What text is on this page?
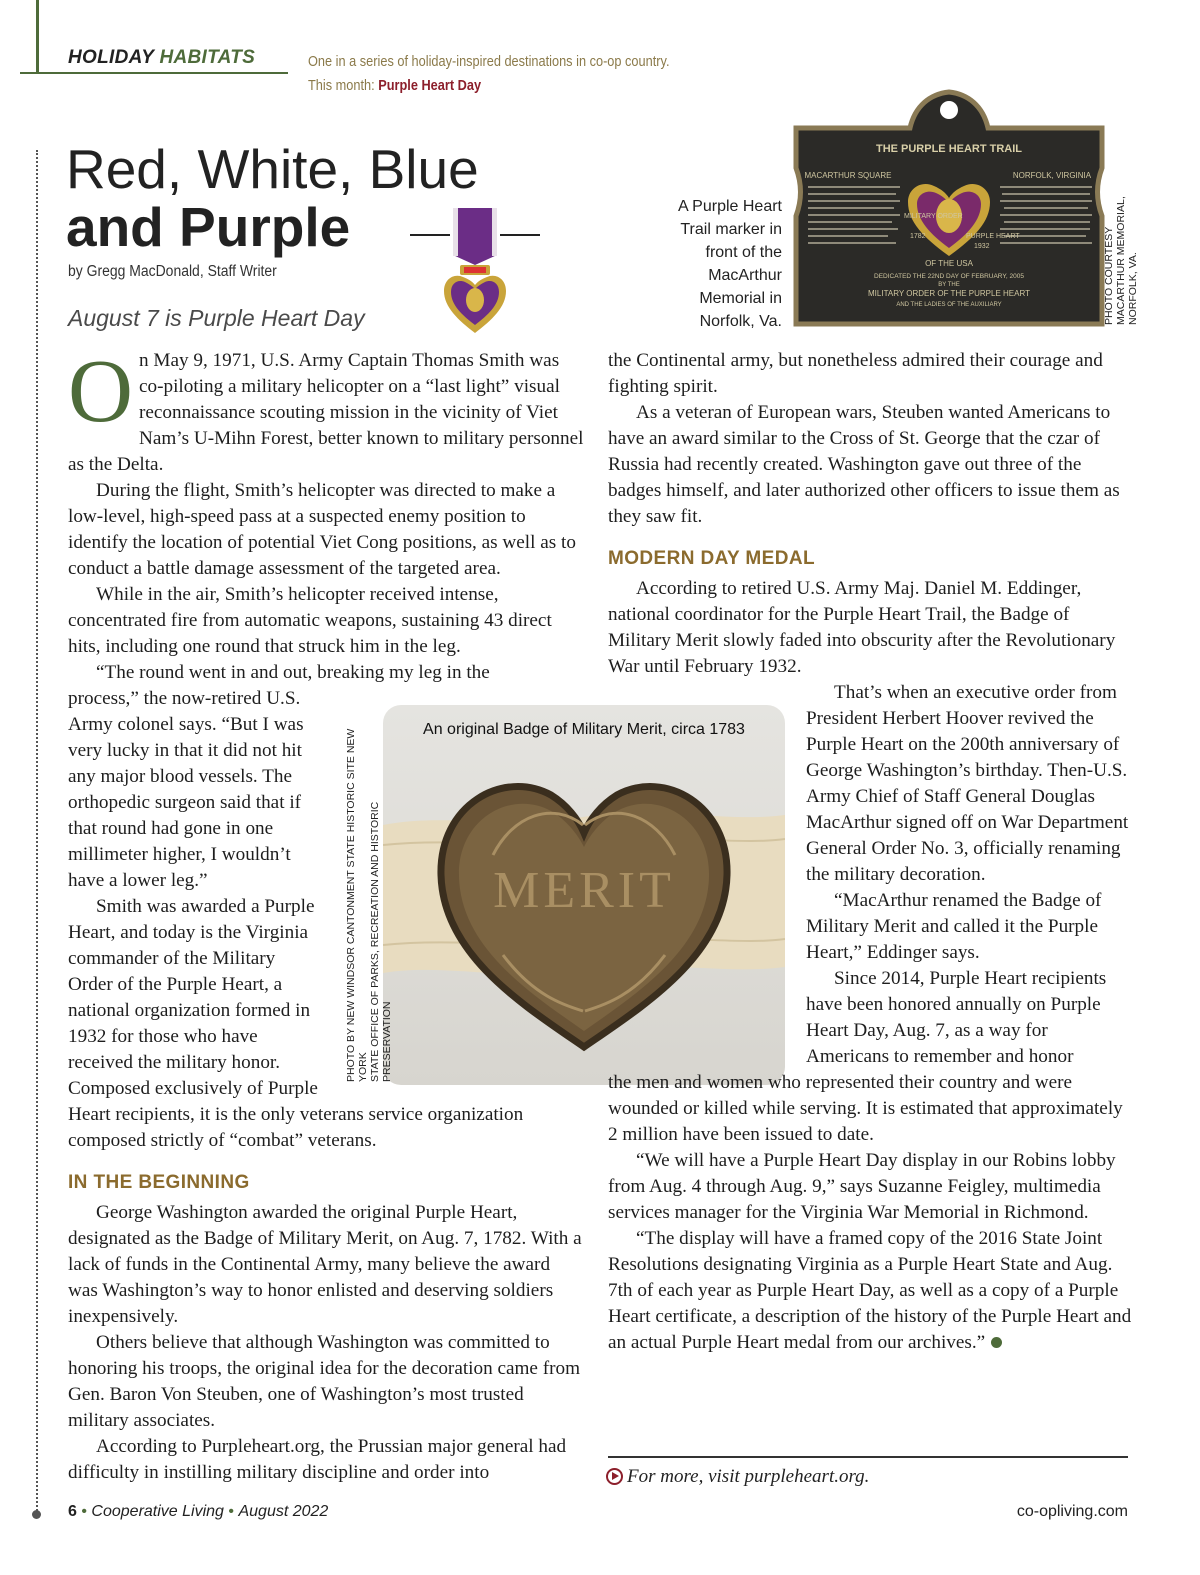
HOLIDAY HABITATS	One in a series of holiday-inspired destinations in co-op country.
This month: Purple Heart Day
Red, White, Blue
and Purple
by Gregg MacDonald, Staff Writer
August 7 is Purple Heart Day
THE PURPLE HEART TRAIL
MACARTHUR SQUARE	NORFOLK, VIRGINIA
MILITARY ORDER
PURPLE HEART
1782
1932
OF THE USA
DEDICATED THE 22ND DAY OF FEBRUARY, 2005
BY THE
MILITARY ORDER OF THE PURPLE HEART
AND THE LADIES OF THE AUXILIARY
A Purple Heart Trail marker in front of the MacArthur Memorial in Norfolk, Va.	PHOTO COURTESY MACARTHUR MEMORIAL, NORFOLK, VA.
MERIT
An original Badge of Military Merit, circa 1783
PHOTO BY NEW WINDSOR CANTONMENT STATE HISTORIC SITE NEW YORK STATE OFFICE OF PARKS, RECREATION AND HISTORIC PRESERVATION

On May 9, 1971, U.S. Army Captain Thomas Smith was co-piloting a military helicopter on a “last light” visual reconnaissance scouting mission in the vicinity of Viet Nam’s U-Mihn Forest, better known to military personnel as the Delta.

During the flight, Smith’s helicopter was directed to make a low-level, high-speed pass at a suspected enemy position to identify the location of potential Viet Cong positions, as well as to conduct a battle damage assessment of the targeted area.

While in the air, Smith’s helicopter received intense, concentrated fire from automatic weapons, sustaining 43 direct hits, including one round that struck him in the leg.

“The round went in and out, breaking my leg in the

process,” the now-retired U.S. Army colonel says. “But I was very lucky in that it did not hit any major blood vessels. The orthopedic surgeon said that if that round had gone in one millimeter higher, I wouldn’t have a lower leg.”

Smith was awarded a Purple Heart, and today is the Virginia commander of the Military Order of the Purple Heart, a national organization formed in 1932 for those who have received the military honor. Composed exclusively of Purple

Heart recipients, it is the only veterans service organization composed strictly of “combat” veterans.

IN THE BEGINNING

George Washington awarded the original Purple Heart, designated as the Badge of Military Merit, on Aug. 7, 1782. With a lack of funds in the Continental Army, many believe the award was Washington’s way to honor enlisted and deserving soldiers inexpensively.

Others believe that although Washington was committed to honoring his troops, the original idea for the decoration came from Gen. Baron Von Steuben, one of Washington’s most trusted military associates.

According to Purpleheart.org, the Prussian major general had difficulty in instilling military discipline and order into

the Continental army, but nonetheless admired their courage and fighting spirit.

As a veteran of European wars, Steuben wanted Americans to have an award similar to the Cross of St. George that the czar of Russia had recently created. Washington gave out three of the badges himself, and later authorized other officers to issue them as they saw fit.

MODERN DAY MEDAL

According to retired U.S. Army Maj. Daniel M. Eddinger, national coordinator for the Purple Heart Trail, the Badge of Military Merit slowly faded into obscurity after the Revolutionary War until February 1932.

That’s when an executive order from President Herbert Hoover revived the Purple Heart on the 200th anniversary of George Washington’s birthday. Then-U.S. Army Chief of Staff General Douglas MacArthur signed off on War Department General Order No. 3, officially renaming the military decoration.

“MacArthur renamed the Badge of Military Merit and called it the Purple Heart,” Eddinger says.

Since 2014, Purple Heart recipients have been honored annually on Purple Heart Day, Aug. 7, as a way for Americans to remember and honor

the men and women who represented their country and were wounded or killed while serving. It is estimated that approximately 2 million have been issued to date.

“We will have a Purple Heart Day display in our Robins lobby from Aug. 4 through Aug. 9,” says Suzanne Feigley, multimedia services manager for the Virginia War Memorial in Richmond.

“The display will have a framed copy of the 2016 State Joint Resolutions designating Virginia as a Purple Heart State and Aug. 7th of each year as Purple Heart Day, as well as a copy of a Purple Heart certificate, a description of the history of the Purple Heart and an actual Purple Heart medal from our archives.”

For more, visit purpleheart.org.
6 • Cooperative Living • August 2022	co-opliving.com
